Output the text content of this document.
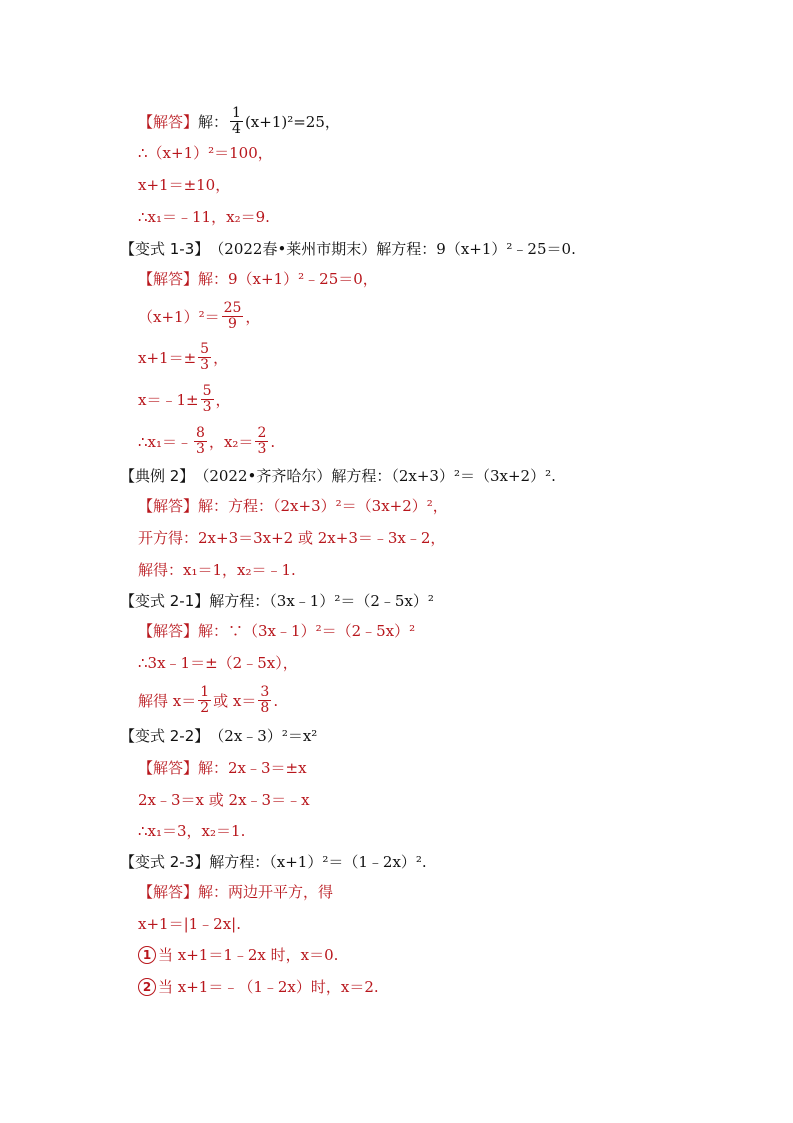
【解答】 解： $\frac{1}{4} (x+1)^2=25$，
∴（x+1）²＝100，
x+1＝±10，
∴x₁＝﹣11，x₂＝9.
【变式 1-3】 （2022春•莱州市期末）解方程：9（x+1）²﹣25＝0.
【解答】 解：9（x+1）²﹣25＝0，
$(x+1)^2= \frac{25}{9}$ ，
$x+1=\pm \frac{5}{3}$ ，
x＝﹣1± $\frac{5}{3}$ ，
∴x₁＝﹣ $\frac{8}{3}$ ，$x_2= \frac{2}{3}$ .
【典例 2】 （2022•齐齐哈尔）解方程：（2x+3）²＝（3x+2）².
【解答】 解：方程：（2x+3）²＝（3x+2）²，
开方得：2x+3＝3x+2 或 2x+3＝﹣3x﹣2，
解得：x₁＝1，x₂＝﹣1.
【变式 2-1】 解方程：（3x﹣1）²＝（2﹣5x）²
【解答】 解：∵（3x﹣1）²＝（2﹣5x）²
∴3x﹣1＝±（2﹣5x），
解得 $x= \frac{1}{2}$ 或 $x= \frac{3}{8}$ .
【变式 2-2】 （2x﹣3）²＝x²
【解答】 解：2x﹣3＝±x
2x﹣3＝x 或 2x﹣3＝﹣x
∴x₁＝3，x₂＝1.
【变式 2-3】 解方程：（x+1）²＝（1﹣2x）².
【解答】 解：两边开平方，得
x+1＝|1﹣2x|.
1 当 x+1＝1﹣2x 时，x＝0.
2 当 x+1＝﹣（1﹣2x）时，x＝2.
